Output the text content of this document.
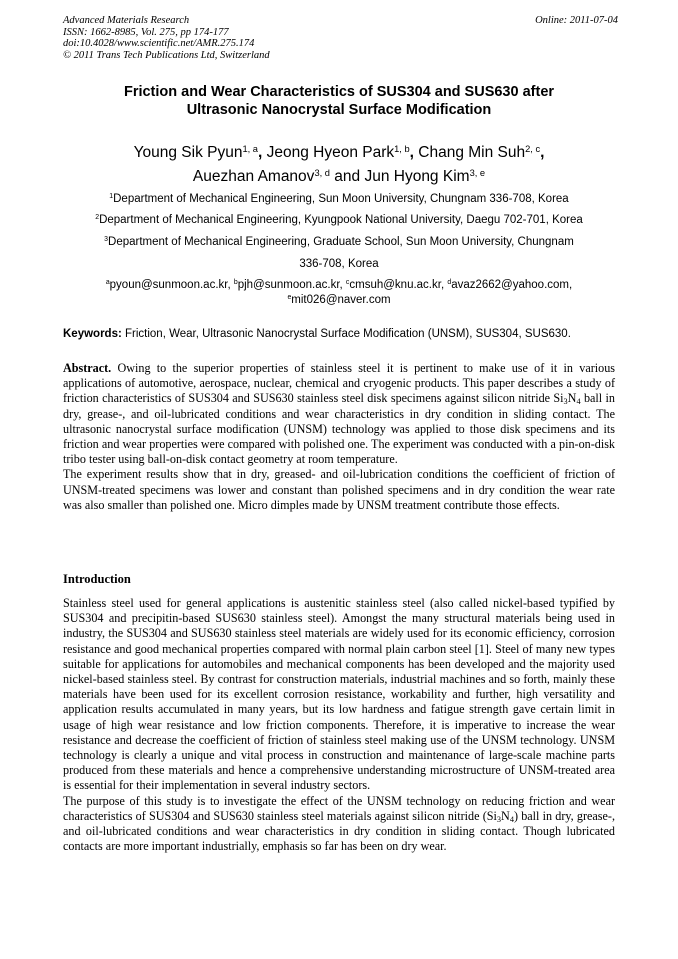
Advanced Materials Research
ISSN: 1662-8985, Vol. 275, pp 174-177
doi:10.4028/www.scientific.net/AMR.275.174
© 2011 Trans Tech Publications Ltd, Switzerland
Online: 2011-07-04
Friction and Wear Characteristics of SUS304 and SUS630 after
Ultrasonic Nanocrystal Surface Modification
Young Sik Pyun$^{1, a}$, Jeong Hyeon Park$^{1, b}$, Chang Min Suh$^{2, c}$,
Auezhan Amanov$^{3, d}$ and Jun Hyong Kim$^{3, e}$
$^1$Department of Mechanical Engineering, Sun Moon University, Chungnam 336-708, Korea
$^2$Department of Mechanical Engineering, Kyungpook National University, Daegu 702-701, Korea
$^3$Department of Mechanical Engineering, Graduate School, Sun Moon University, Chungnam
336-708, Korea
$^a$pyoun@sunmoon.ac.kr, $^b$pjh@sunmoon.ac.kr, $^c$cmsuh@knu.ac.kr, $^d$avaz2662@yahoo.com,
$^e$mit026@naver.com
Keywords: Friction, Wear, Ultrasonic Nanocrystal Surface Modification (UNSM), SUS304, SUS630.

Abstract. Owing to the superior properties of stainless steel it is pertinent to make use of it in various applications of automotive, aerospace, nuclear, chemical and cryogenic products. This paper describes a study of friction characteristics of SUS304 and SUS630 stainless steel disk specimens against silicon nitride $Si_3N_4$ ball in dry, grease-, and oil-lubricated conditions and wear characteristics in dry condition in sliding contact. The ultrasonic nanocrystal surface modification (UNSM) technology was applied to those disk specimens and its friction and wear properties were compared with polished one. The experiment was conducted with a pin-on-disk tribo tester using ball-on-disk contact geometry at room temperature.

The experiment results show that in dry, greased- and oil-lubrication conditions the coefficient of friction of UNSM-treated specimens was lower and constant than polished specimens and in dry condition the wear rate was also smaller than polished one. Micro dimples made by UNSM treatment contribute those effects.

Introduction

Stainless steel used for general applications is austenitic stainless steel (also called nickel-based typified by SUS304 and precipitin-based SUS630 stainless steel). Amongst the many structural materials being used in industry, the SUS304 and SUS630 stainless steel materials are widely used for its economic efficiency, corrosion resistance and good mechanical properties compared with normal plain carbon steel [1]. Steel of many new types suitable for applications for automobiles and mechanical components has been developed and the majority used nickel-based stainless steel. By contrast for construction materials, industrial machines and so forth, mainly these materials have been used for its excellent corrosion resistance, workability and further, high versatility and application results accumulated in many years, but its low hardness and fatigue strength gave certain limit in usage of high wear resistance and low friction components. Therefore, it is imperative to increase the wear resistance and decrease the coefficient of friction of stainless steel making use of the UNSM technology. UNSM technology is clearly a unique and vital process in construction and maintenance of large-scale machine parts produced from these materials and hence a comprehensive understanding microstructure of UNSM-treated area is essential for their implementation in several industry sectors.

The purpose of this study is to investigate the effect of the UNSM technology on reducing friction and wear characteristics of SUS304 and SUS630 stainless steel materials against silicon nitride $(Si_3N_4)$ ball in dry, grease-, and oil-lubricated conditions and wear characteristics in dry condition in sliding contact. Though lubricated contacts are more important industrially, emphasis so far has been on dry wear.
